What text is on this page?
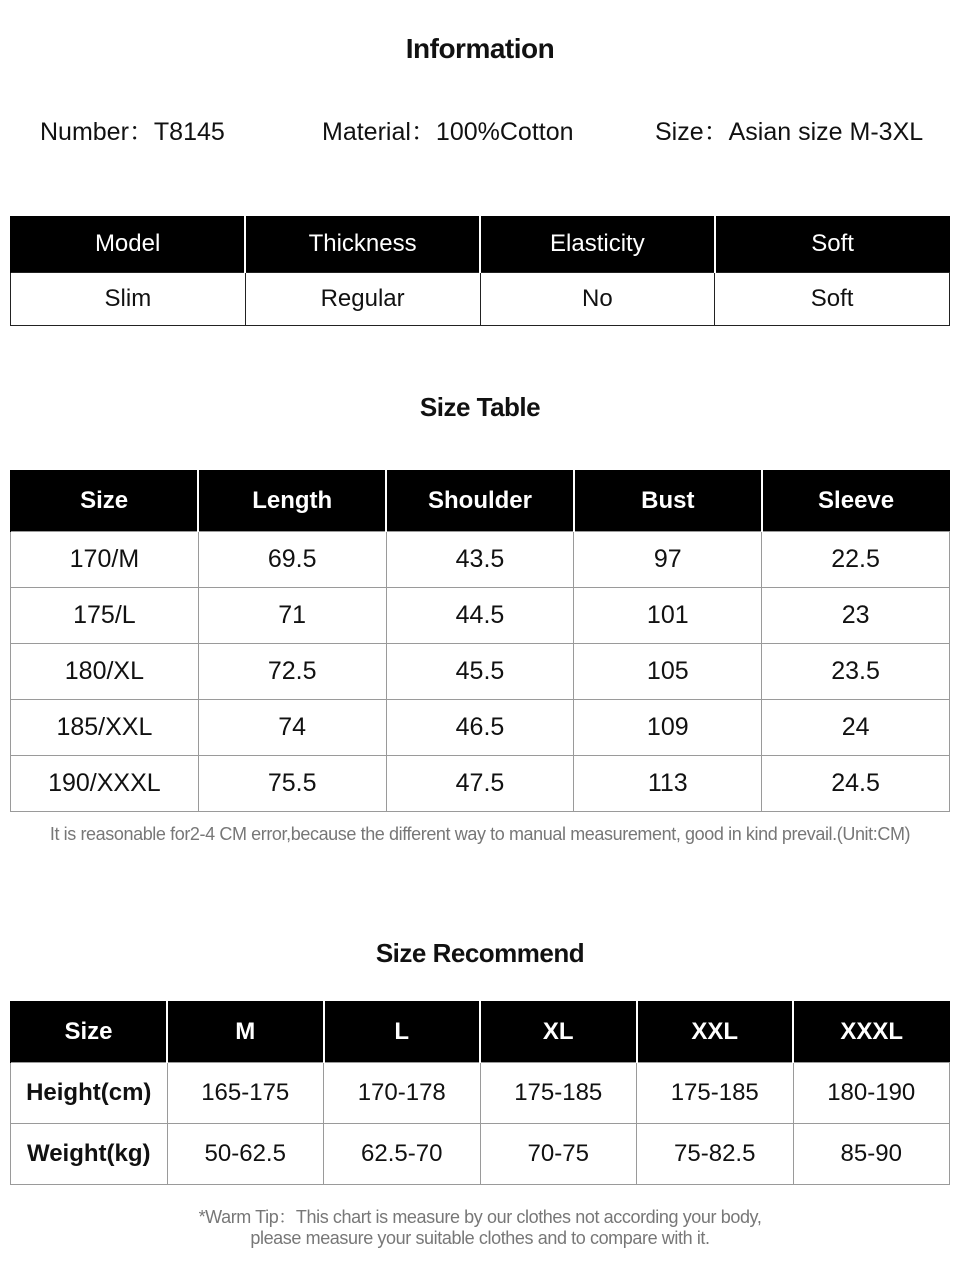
Information
Number：T8145	Material：100%Cotton	Size：Asian size M-3XL
Model	Thickness	Elasticity	Soft
Slim	Regular	No	Soft
Size Table
Size	Length	Shoulder	Bust	Sleeve
170/M	69.5	43.5	97	22.5
175/L	71	44.5	101	23
180/XL	72.5	45.5	105	23.5
185/XXL	74	46.5	109	24
190/XXXL	75.5	47.5	113	24.5
It is reasonable for2-4 CM error,because the different way to manual measurement, good in kind prevail.(Unit:CM)
Size Recommend
Size	M	L	XL	XXL	XXXL
Height(cm)	165-175	170-178	175-185	175-185	180-190
Weight(kg)	50-62.5	62.5-70	70-75	75-82.5	85-90
*Warm Tip：This chart is measure by our clothes not according your body,
please measure your suitable clothes and to compare with it.
